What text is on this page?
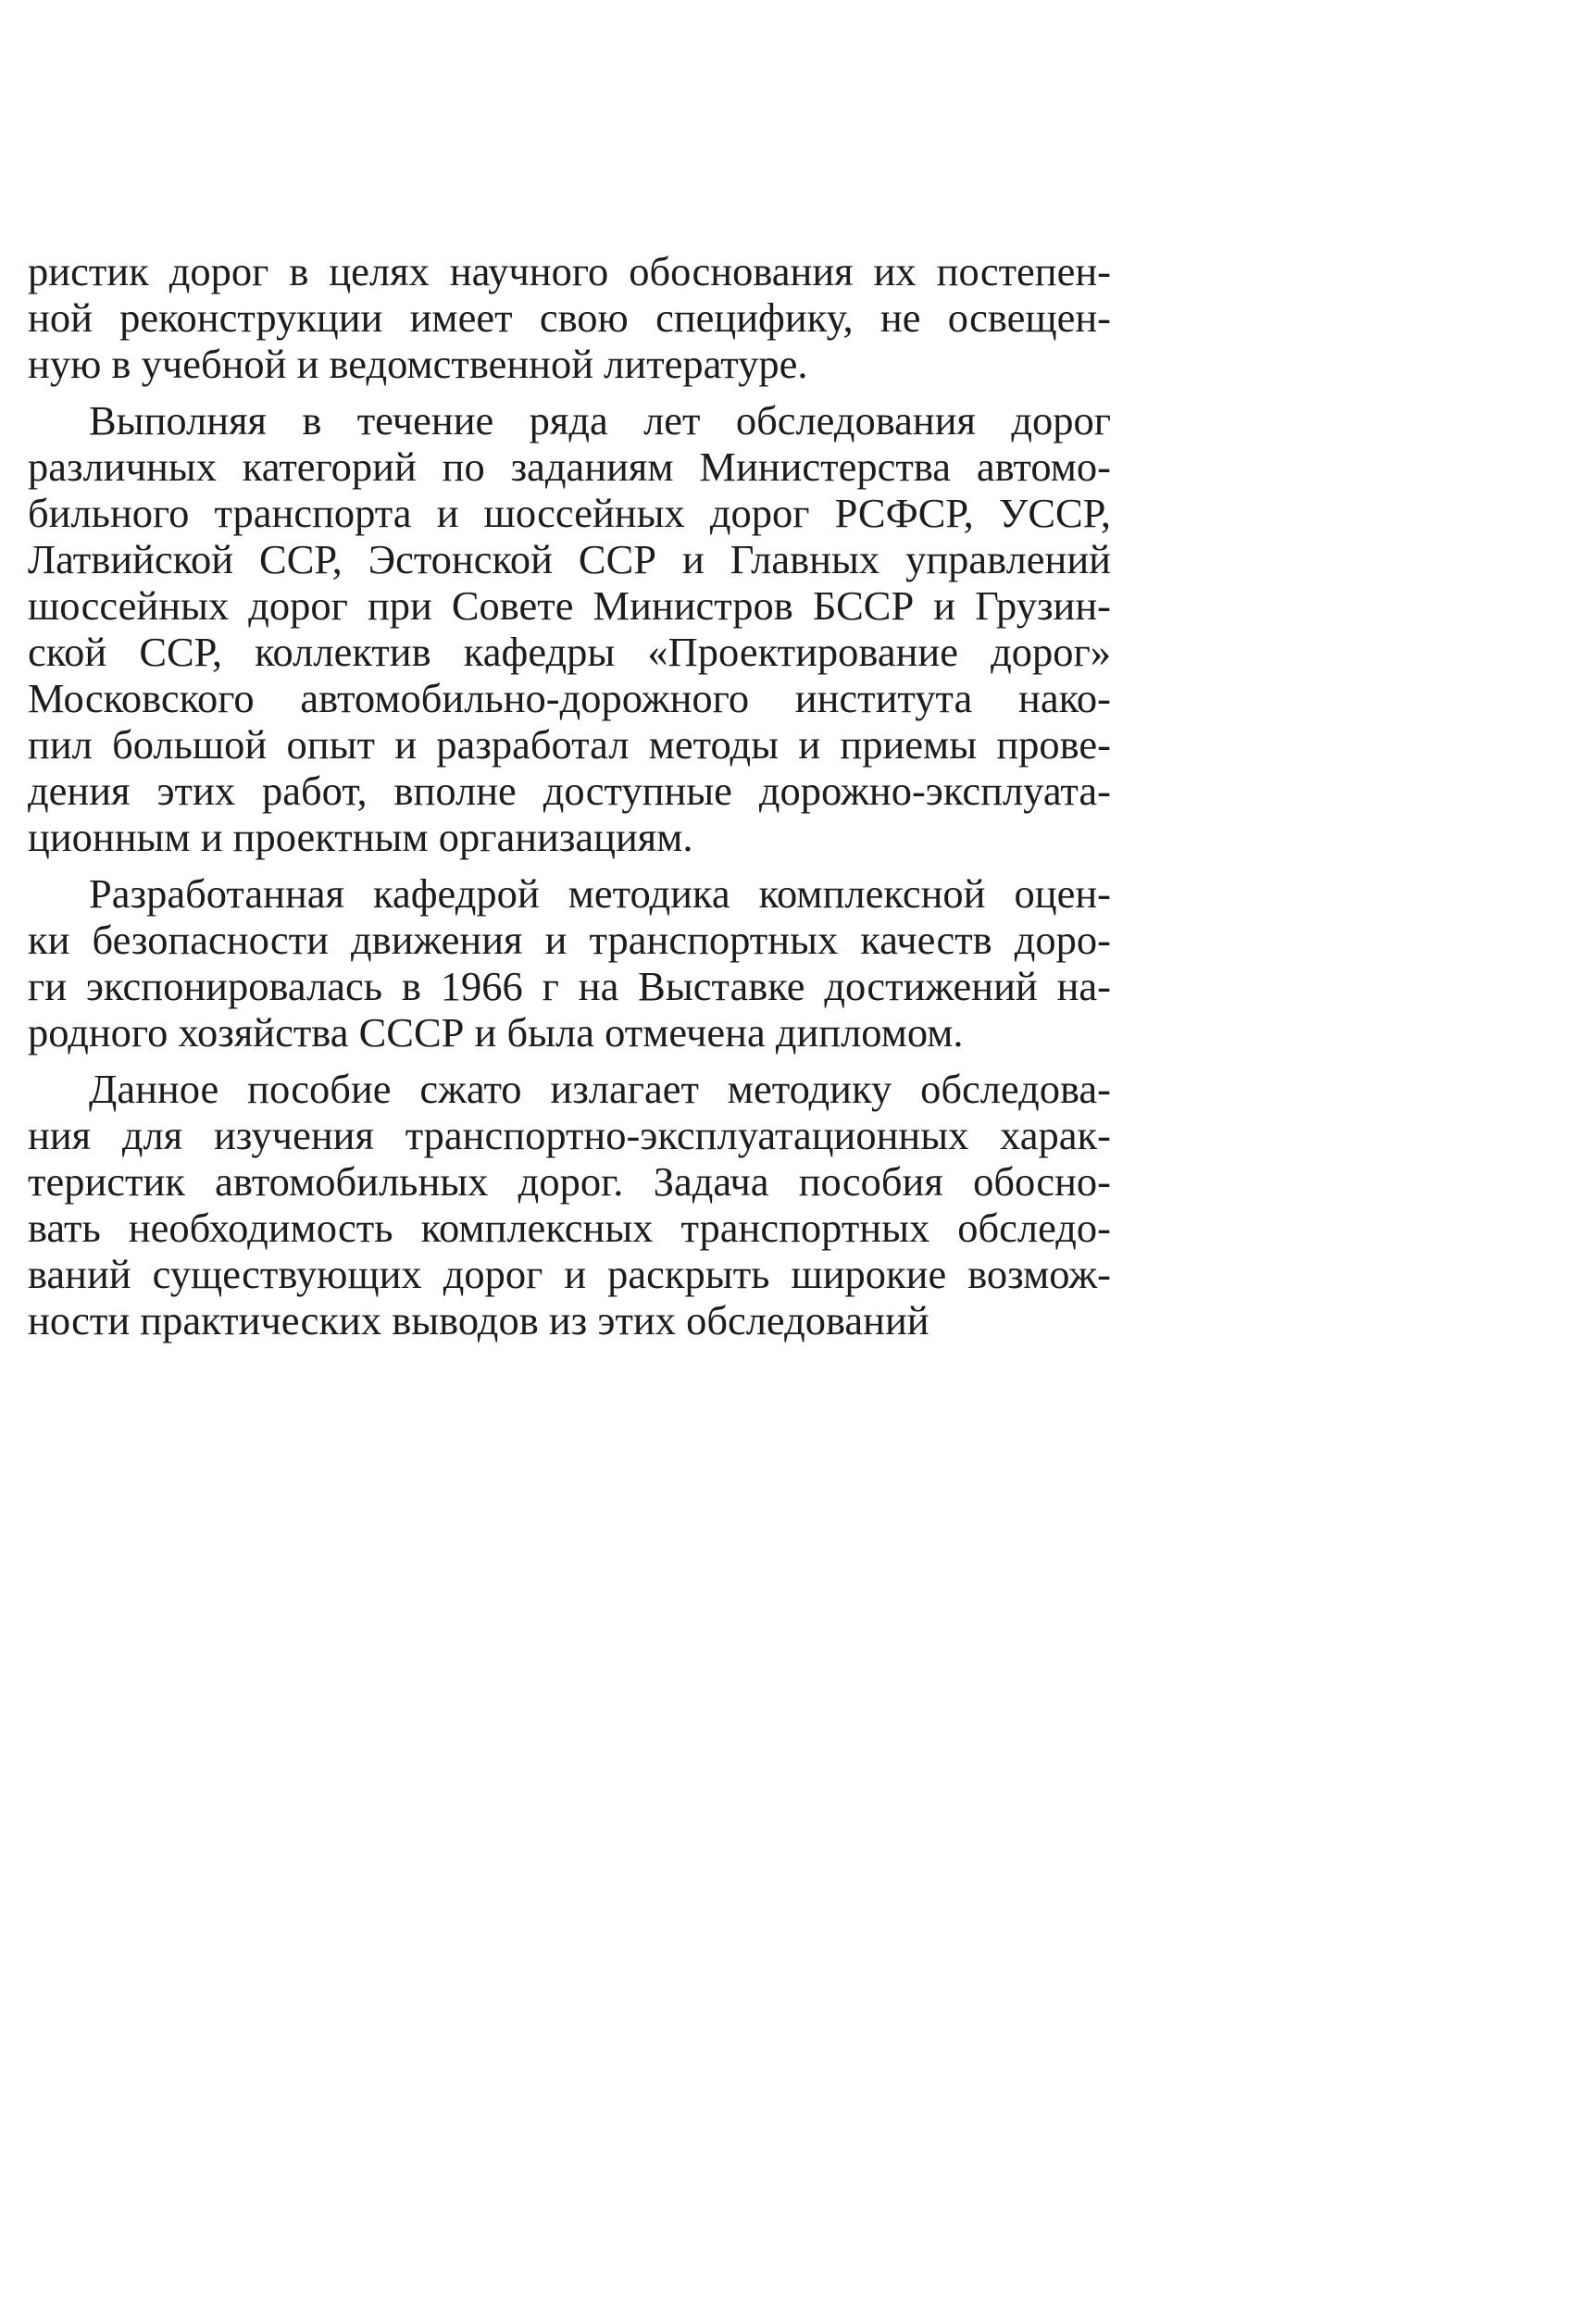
ристик дорог в целях научного обоснования их постепен-
ной реконструкции имеет свою специфику, не освещен-
ную в учебной и ведомственной литературе.
Выполняя в течение ряда лет обследования дорог
различных категорий по заданиям Министерства автомо-
бильного транспорта и шоссейных дорог РСФСР, УССР,
Латвийской ССР, Эстонской ССР и Главных управлений
шоссейных дорог при Совете Министров БССР и Грузин-
ской ССР, коллектив кафедры «Проектирование дорог»
Московского автомобильно-дорожного института нако-
пил большой опыт и разработал методы и приемы прове-
дения этих работ, вполне доступные дорожно-эксплуата-
ционным и проектным организациям.
Разработанная кафедрой методика комплексной оцен-
ки безопасности движения и транспортных качеств доро-
ги экспонировалась в 1966 г на Выставке достижений на-
родного хозяйства СССР и была отмечена дипломом.
Данное пособие сжато излагает методику обследова-
ния для изучения транспортно-эксплуатационных харак-
теристик автомобильных дорог. Задача пособия обосно-
вать необходимость комплексных транспортных обследо-
ваний существующих дорог и раскрыть широкие возмож-
ности практических выводов из этих обследований
